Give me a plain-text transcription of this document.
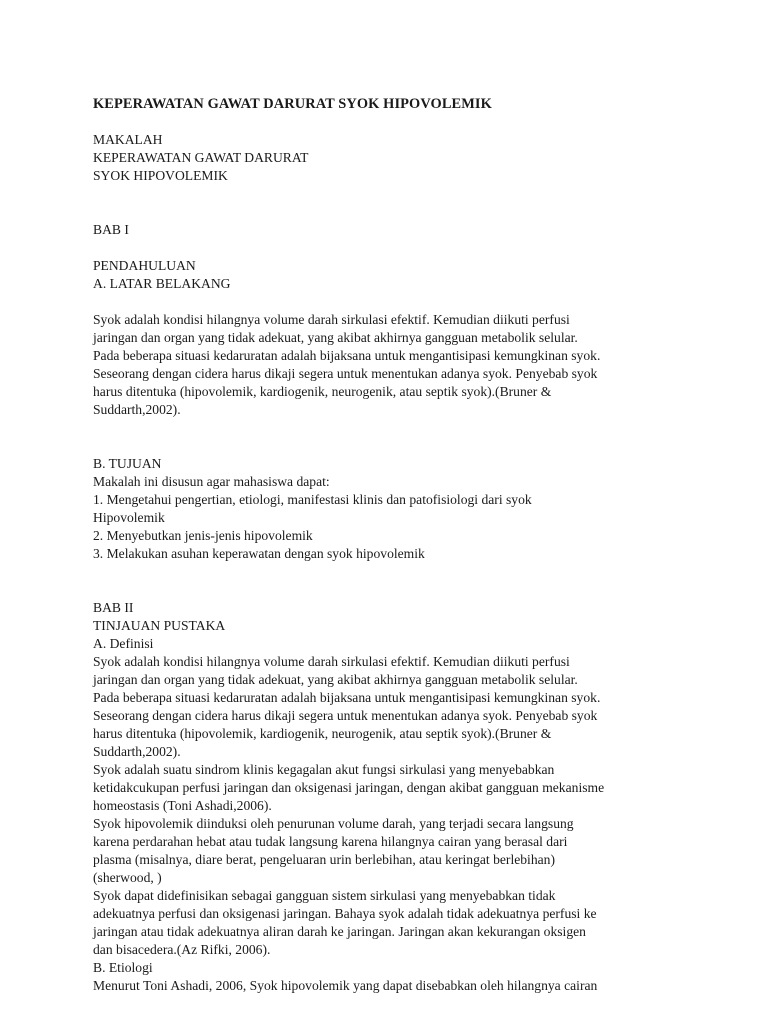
KEPERAWATAN GAWAT DARURAT SYOK HIPOVOLEMIK

MAKALAH
KEPERAWATAN GAWAT DARURAT
SYOK HIPOVOLEMIK
BAB I
PENDAHULUAN
A. LATAR BELAKANG
Syok adalah kondisi hilangnya volume darah sirkulasi efektif. Kemudian diikuti perfusi
jaringan dan organ yang tidak adekuat, yang akibat akhirnya gangguan metabolik selular.
Pada beberapa situasi kedaruratan adalah bijaksana untuk mengantisipasi kemungkinan syok.
Seseorang dengan cidera harus dikaji segera untuk menentukan adanya syok. Penyebab syok
harus ditentuka (hipovolemik, kardiogenik, neurogenik, atau septik syok).(Bruner &
Suddarth,2002).
B. TUJUAN
Makalah ini disusun agar mahasiswa dapat:
1. Mengetahui pengertian, etiologi, manifestasi klinis dan patofisiologi dari syok
Hipovolemik
2. Menyebutkan jenis-jenis hipovolemik
3. Melakukan asuhan keperawatan dengan syok hipovolemik
BAB II
TINJAUAN PUSTAKA
A. Definisi
Syok adalah kondisi hilangnya volume darah sirkulasi efektif. Kemudian diikuti perfusi
jaringan dan organ yang tidak adekuat, yang akibat akhirnya gangguan metabolik selular.
Pada beberapa situasi kedaruratan adalah bijaksana untuk mengantisipasi kemungkinan syok.
Seseorang dengan cidera harus dikaji segera untuk menentukan adanya syok. Penyebab syok
harus ditentuka (hipovolemik, kardiogenik, neurogenik, atau septik syok).(Bruner &
Suddarth,2002).
Syok adalah suatu sindrom klinis kegagalan akut fungsi sirkulasi yang menyebabkan
ketidakcukupan perfusi jaringan dan oksigenasi jaringan, dengan akibat gangguan mekanisme
homeostasis (Toni Ashadi,2006).
Syok hipovolemik diinduksi oleh penurunan volume darah, yang terjadi secara langsung
karena perdarahan hebat atau tudak langsung karena hilangnya cairan yang berasal dari
plasma (misalnya, diare berat, pengeluaran urin berlebihan, atau keringat berlebihan)
(sherwood, )
Syok dapat didefinisikan sebagai gangguan sistem sirkulasi yang menyebabkan tidak
adekuatnya perfusi dan oksigenasi jaringan. Bahaya syok adalah tidak adekuatnya perfusi ke
jaringan atau tidak adekuatnya aliran darah ke jaringan. Jaringan akan kekurangan oksigen
dan bisacedera.(Az Rifki, 2006).
B. Etiologi
Menurut Toni Ashadi, 2006, Syok hipovolemik yang dapat disebabkan oleh hilangnya cairan
